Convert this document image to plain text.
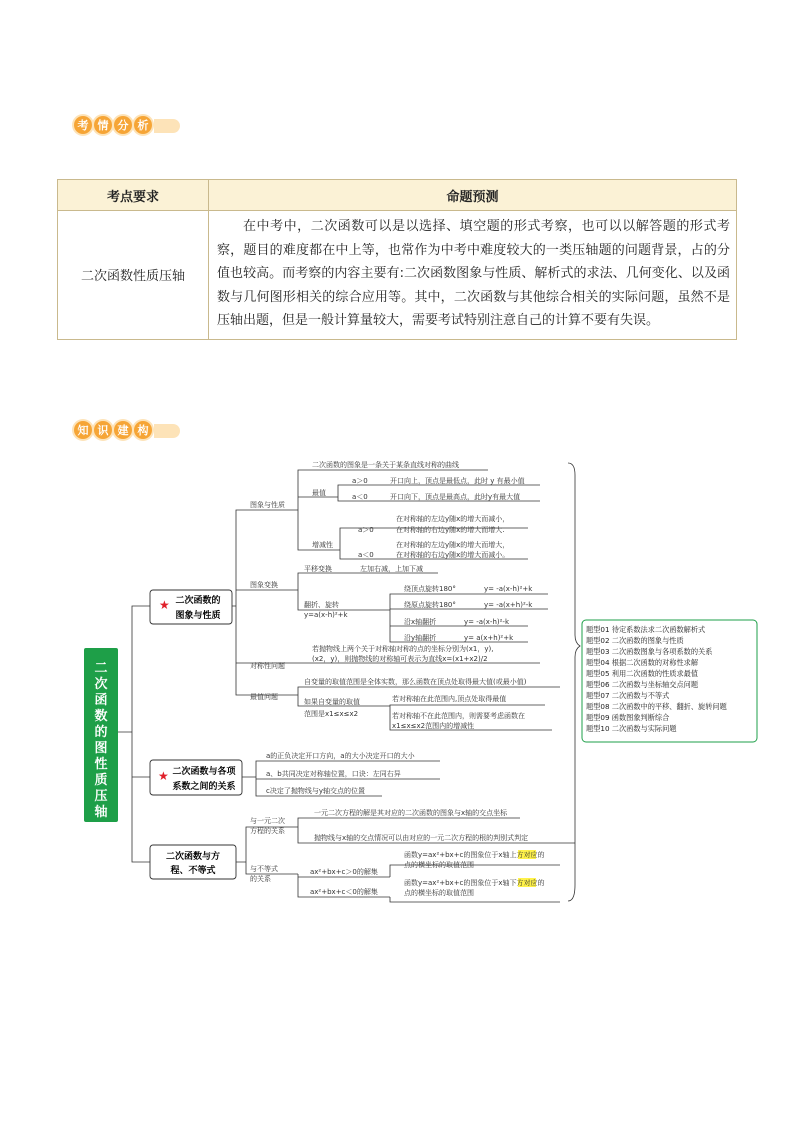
考 情 分 析
考点要求	命题预测
二次函数性质压轴	在中考中，二次函数可以是以选择、填空题的形式考察，也可以以解答题的形式考察，题目的难度都在中上等，也常作为中考中难度较大的一类压轴题的问题背景，占的分值也较高。而考察的内容主要有:二次函数图象与性质、解析式的求法、几何变化、以及函数与几何图形相关的综合应用等。其中，二次函数与其他综合相关的实际问题，虽然不是压轴出题，但是一般计算量较大，需要考试特别注意自己的计算不要有失误。
知 识 建 构
二
次
函
数
的
图
性
质
压
轴
★ 二次函数的
图象与性质
★ 二次函数与各项
系数之间的关系
二次函数与方
程、不等式
图象与性质
二次函数的图象是一条关于某条直线对称的曲线
最值
a＞0	开口向上，顶点是最低点，此时 y 有最小值
a＜0	开口向下，顶点是最高点，此时y有最大值
增减性
a＞0
在对称轴的左边y随x的增大而减小，
在对称轴的右边y随x的增大而增大.
a＜0
在对称轴的左边y随x的增大而增大，
在对称轴的右边y随x的增大而减小。
图象变换
平移变换	左加右减，上加下减
翻折、旋转
y=a(x-h)²+k
绕顶点旋转180°	y= -a(x-h)²+k
绕原点旋转180°	y= -a(x+h)²-k
沿x轴翻折	y= -a(x-h)²-k
沿y轴翻折	y= a(x+h)²+k
对称性问题
若抛物线上两个关于对称轴对称的点的坐标分别为(x1，y),
(x2，y)，则抛物线的对称轴可表示为直线x=(x1+x2)/2
最值问题
自变量的取值范围是全体实数，那么函数在顶点处取得最大值(或最小值)
如果自变量的取值
范围是x1≤x≤x2
若对称轴在此范围内,顶点处取得最值
若对称轴不在此范围内，则需要考虑函数在
x1≤x≤x2范围内的增减性
a的正负决定开口方向，a的大小决定开口的大小
a、b共同决定对称轴位置，口诀：左同右异
c决定了抛物线与y轴交点的位置
与一元二次
方程的关系
一元二次方程的解是其对应的二次函数的图象与x轴的交点坐标
抛物线与x轴的交点情况可以由对应的一元二次方程的根的判别式判定
与不等式
的关系
ax²+bx+c＞0的解集
ax²+bx+c＜0的解集
函数y=ax²+bx+c的图象位于x轴上方对应的
点的横坐标的取值范围
函数y=ax²+bx+c的图象位于x轴下方对应的
点的横坐标的取值范围
题型01 待定系数法求二次函数解析式
题型02 二次函数的图象与性质
题型03 二次函数图象与各项系数的关系
题型04 根据二次函数的对称性求解
题型05 利用二次函数的性质求最值
题型06 二次函数与坐标轴交点问题
题型07 二次函数与不等式
题型08 二次函数中的平移、翻折、旋转问题
题型09 函数图象判断综合
题型10 二次函数与实际问题
